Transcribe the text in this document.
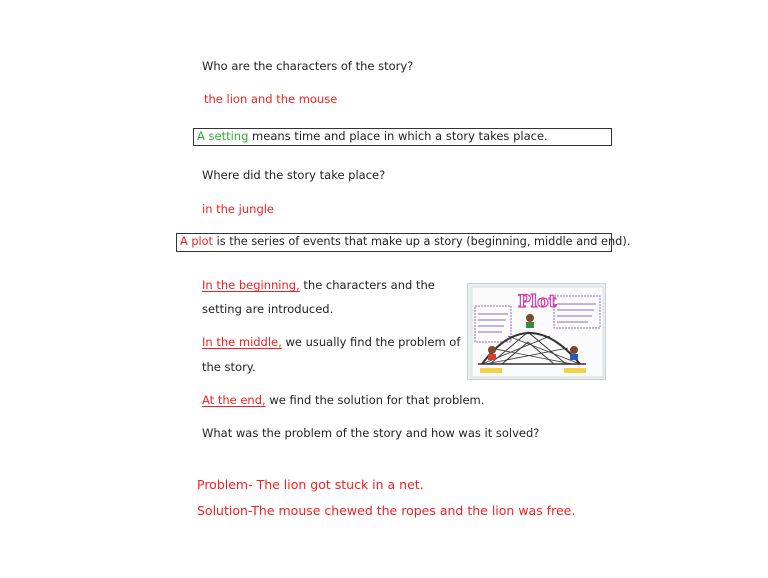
Who are the characters of the story?
the lion and the mouse
A setting means time and place in which a story takes place.
Where did the story take place?
in the jungle
A plot is the series of events that make up a story (beginning, middle and end).
In the beginning, the characters and the
setting are introduced.
In the middle, we usually find the problem of
the story.
At the end, we find the solution for that problem.
What was the problem of the story and how was it solved?
Problem- The lion got stuck in a net.
Solution-The mouse chewed the ropes and the lion was free.
Plot
